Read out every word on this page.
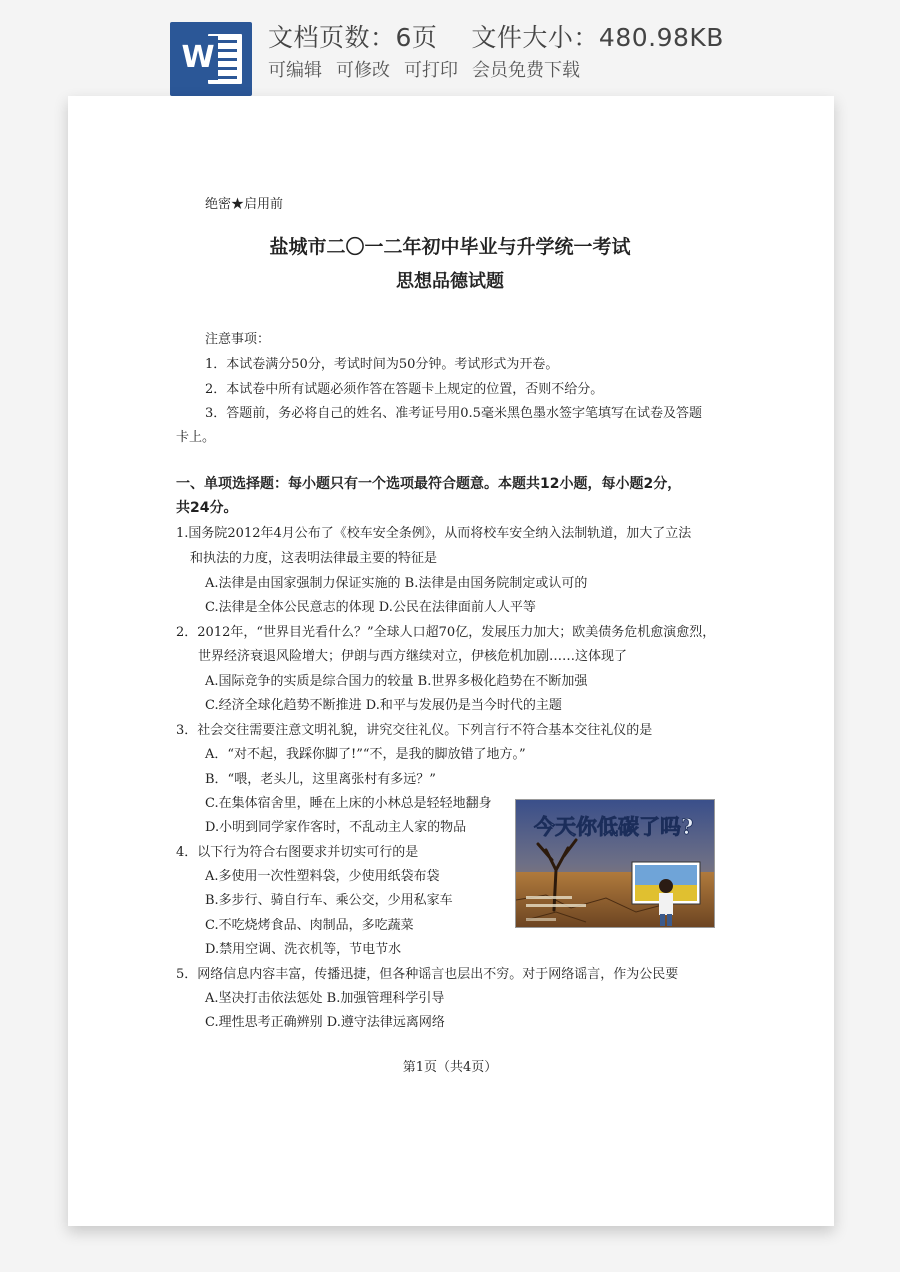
W
文档页数：6页 文件大小：480.98KB
可编辑 可修改 可打印 会员免费下载
绝密★启用前
盐城市二〇一二年初中毕业与升学统一考试
思想品德试题
注意事项：
1．本试卷满分50分，考试时间为50分钟。考试形式为开卷。
2．本试卷中所有试题必须作答在答题卡上规定的位置，否则不给分。
3．答题前，务必将自己的姓名、准考证号用0.5毫米黑色墨水签字笔填写在试卷及答题
卡上。
一、单项选择题：每小题只有一个选项最符合题意。本题共12小题，每小题2分，
共24分。
1.国务院2012年4月公布了《校车安全条例》，从而将校车安全纳入法制轨道，加大了立法
和执法的力度，这表明法律最主要的特征是
A.法律是由国家强制力保证实施的 B.法律是由国务院制定或认可的
C.法律是全体公民意志的体现 D.公民在法律面前人人平等
2．2012年，“世界目光看什么？”全球人口超70亿，发展压力加大；欧美债务危机愈演愈烈，
世界经济衰退风险增大；伊朗与西方继续对立，伊核危机加剧……这体现了
A.国际竞争的实质是综合国力的较量 B.世界多极化趋势在不断加强
C.经济全球化趋势不断推进 D.和平与发展仍是当今时代的主题
3．社会交往需要注意文明礼貌，讲究交往礼仪。下列言行不符合基本交往礼仪的是
A．“对不起，我踩你脚了!”“不，是我的脚放错了地方。”
B．“喂，老头儿，这里离张村有多远？”
C.在集体宿舍里，睡在上床的小林总是轻轻地翻身
D.小明到同学家作客时，不乱动主人家的物品
4．以下行为符合右图要求并切实可行的是
A.多使用一次性塑料袋，少使用纸袋布袋
B.多步行、骑自行车、乘公交，少用私家车
C.不吃烧烤食品、肉制品，多吃蔬菜
D.禁用空调、洗衣机等，节电节水
5．网络信息内容丰富，传播迅捷，但各种谣言也层出不穷。对于网络谣言，作为公民要
A.坚决打击依法惩处 B.加强管理科学引导
C.理性思考正确辨别 D.遵守法律远离网络
今天你低碳了吗?
第1页（共4页）
